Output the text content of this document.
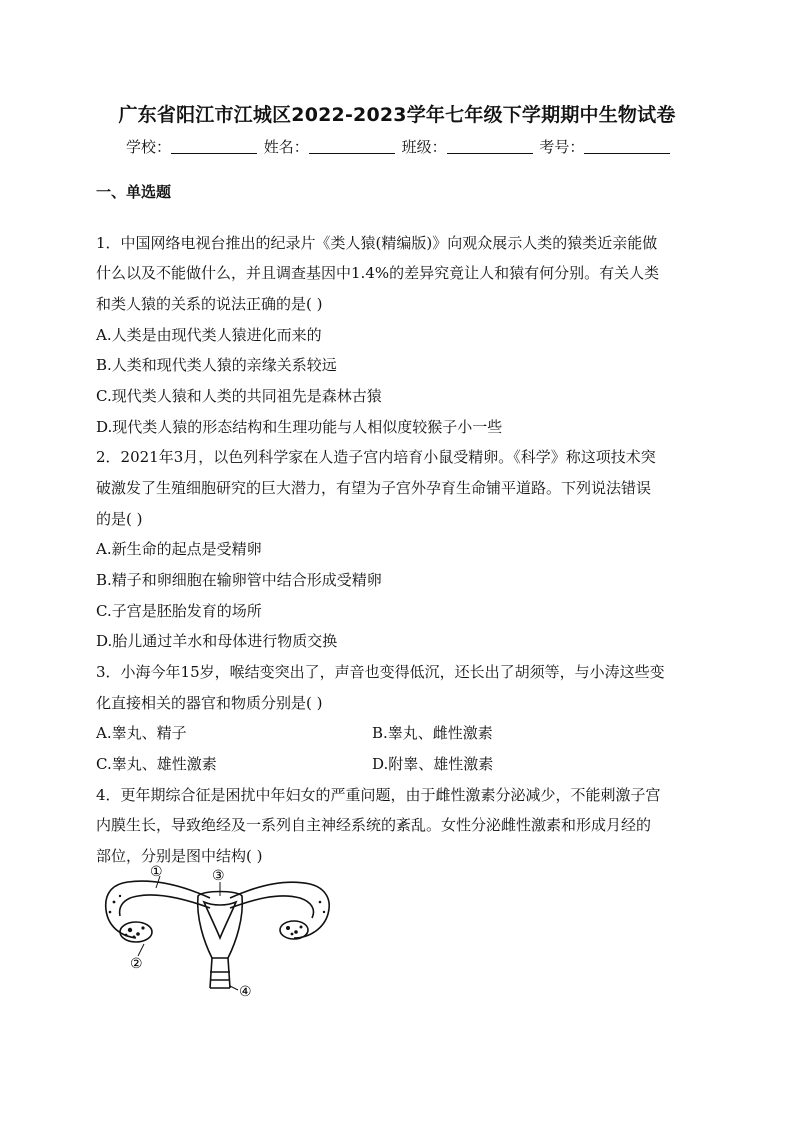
广东省阳江市江城区2022-2023学年七年级下学期期中生物试卷
学校：	姓名：	班级：	考号：
一、单选题
1．中国网络电视台推出的纪录片《类人猿(精编版)》向观众展示人类的猿类近亲能做
什么以及不能做什么，并且调查基因中1.4%的差异究竟让人和猿有何分别。有关人类
和类人猿的关系的说法正确的是( )
A.人类是由现代类人猿进化而来的
B.人类和现代类人猿的亲缘关系较远
C.现代类人猿和人类的共同祖先是森林古猿
D.现代类人猿的形态结构和生理功能与人相似度较猴子小一些
2．2021年3月，以色列科学家在人造子宫内培育小鼠受精卵。《科学》称这项技术突
破激发了生殖细胞研究的巨大潜力，有望为子宫外孕育生命铺平道路。下列说法错误
的是( )
A.新生命的起点是受精卵
B.精子和卵细胞在输卵管中结合形成受精卵
C.子宫是胚胎发育的场所
D.胎儿通过羊水和母体进行物质交换
3．小海今年15岁，喉结变突出了，声音也变得低沉，还长出了胡须等，与小涛这些变
化直接相关的器官和物质分别是( )
A.睾丸、精子	B.睾丸、雌性激素
C.睾丸、雄性激素	D.附睾、雄性激素
4．更年期综合征是困扰中年妇女的严重问题，由于雌性激素分泌减少，不能刺激子宫
内膜生长，导致绝经及一系列自主神经系统的紊乱。女性分泌雌性激素和形成月经的
部位，分别是图中结构( )
①
②
③
④
